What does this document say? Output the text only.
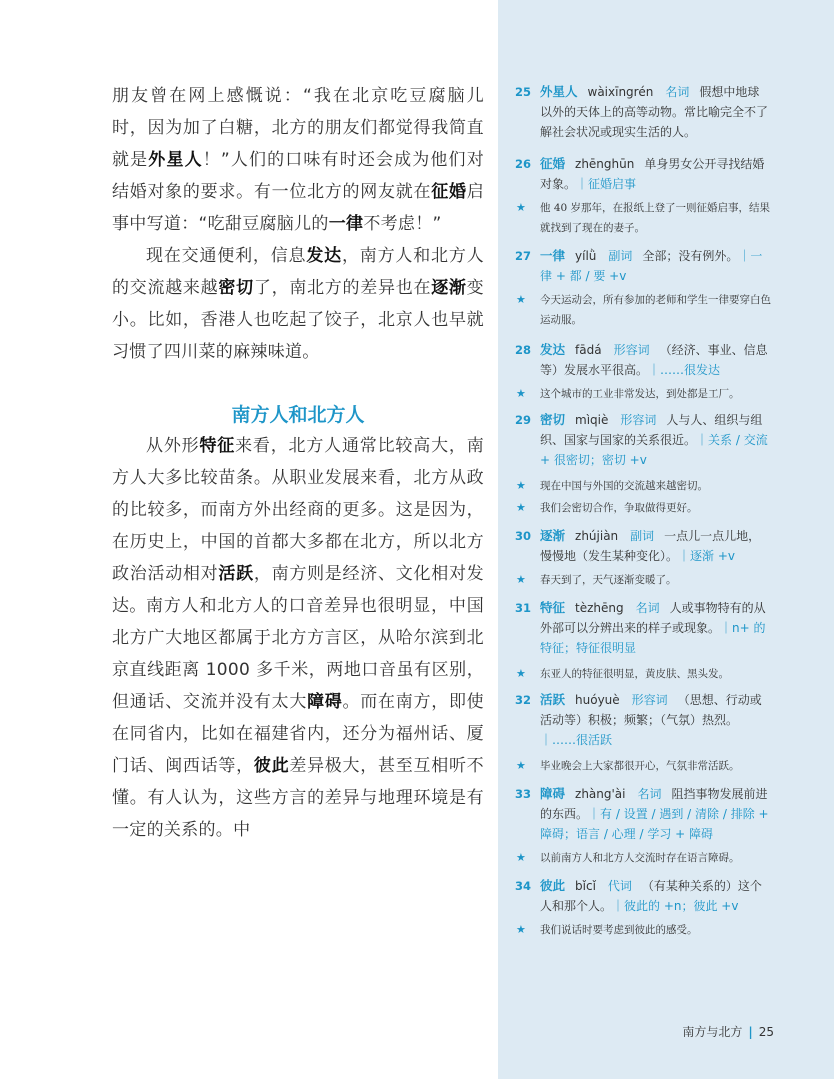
朋友曾在网上感慨说：“我在北京吃豆腐脑儿时，因为加了白糖，北方的朋友们都觉得我简直就是外星人！”人们的口味有时还会成为他们对结婚对象的要求。有一位北方的网友就在征婚启事中写道：“吃甜豆腐脑儿的一律不考虑！”

现在交通便利，信息发达，南方人和北方人的交流越来越密切了，南北方的差异也在逐渐变小。比如，香港人也吃起了饺子，北京人也早就习惯了四川菜的麻辣味道。

南方人和北方人

从外形特征来看，北方人通常比较高大，南方人大多比较苗条。从职业发展来看，北方从政的比较多，而南方外出经商的更多。这是因为，在历史上，中国的首都大多都在北方，所以北方政治活动相对活跃，南方则是经济、文化相对发达。 南方人和北方人的口音差异也很明显，中国北方广大地区都属于北方方言区，从哈尔滨到北京直线距离 1000 多千米，两地口音虽有区别，但通话、交流并没有太大障碍。而在南方，即使在同省内，比如在福建省内，还分为福州话、厦门话、闽西话等，彼此差异极大，甚至互相听不懂。有人认为，这些方言的差异与地理环境是有一定的关系的。中

25 外星人 wàixīngrén 名词 假想中地球以外的天体上的高等动物。常比喻完全不了解社会状况或现实生活的人。
26 征婚 zhēnghūn 单身男女公开寻找结婚对象。｜征婚启事
★ 他 40 岁那年，在报纸上登了一则征婚启事，结果就找到了现在的妻子。
27 一律 yílǜ 副词 全部；没有例外。｜一律 + 都 / 要 +v
★ 今天运动会，所有参加的老师和学生一律要穿白色运动服。
28 发达 fādá 形容词 （经济、事业、信息等）发展水平很高。｜……很发达
★ 这个城市的工业非常发达，到处都是工厂。
29 密切 mìqiè 形容词 人与人、组织与组织、国家与国家的关系很近。｜关系 / 交流 + 很密切；密切 +v
★ 现在中国与外国的交流越来越密切。
★ 我们会密切合作，争取做得更好。
30 逐渐 zhújiàn 副词 一点儿一点儿地，慢慢地（发生某种变化）。｜逐渐 +v
★ 春天到了，天气逐渐变暖了。
31 特征 tèzhēng 名词 人或事物特有的从外部可以分辨出来的样子或现象。｜n+ 的特征；特征很明显
★ 东亚人的特征很明显，黄皮肤、黑头发。
32 活跃 huóyuè 形容词 （思想、行动或活动等）积极；频繁；（气氛）热烈。｜……很活跃
★ 毕业晚会上大家都很开心，气氛非常活跃。
33 障碍 zhàng'ài 名词 阻挡事物发展前进的东西。｜有 / 设置 / 遇到 / 清除 / 排除 + 障碍；语言 / 心理 / 学习 + 障碍
★ 以前南方人和北方人交流时存在语言障碍。
34 彼此 bǐcǐ 代词 （有某种关系的）这个人和那个人。｜彼此的 +n；彼此 +v
★ 我们说话时要考虑到彼此的感受。
南方与北方 | 25
